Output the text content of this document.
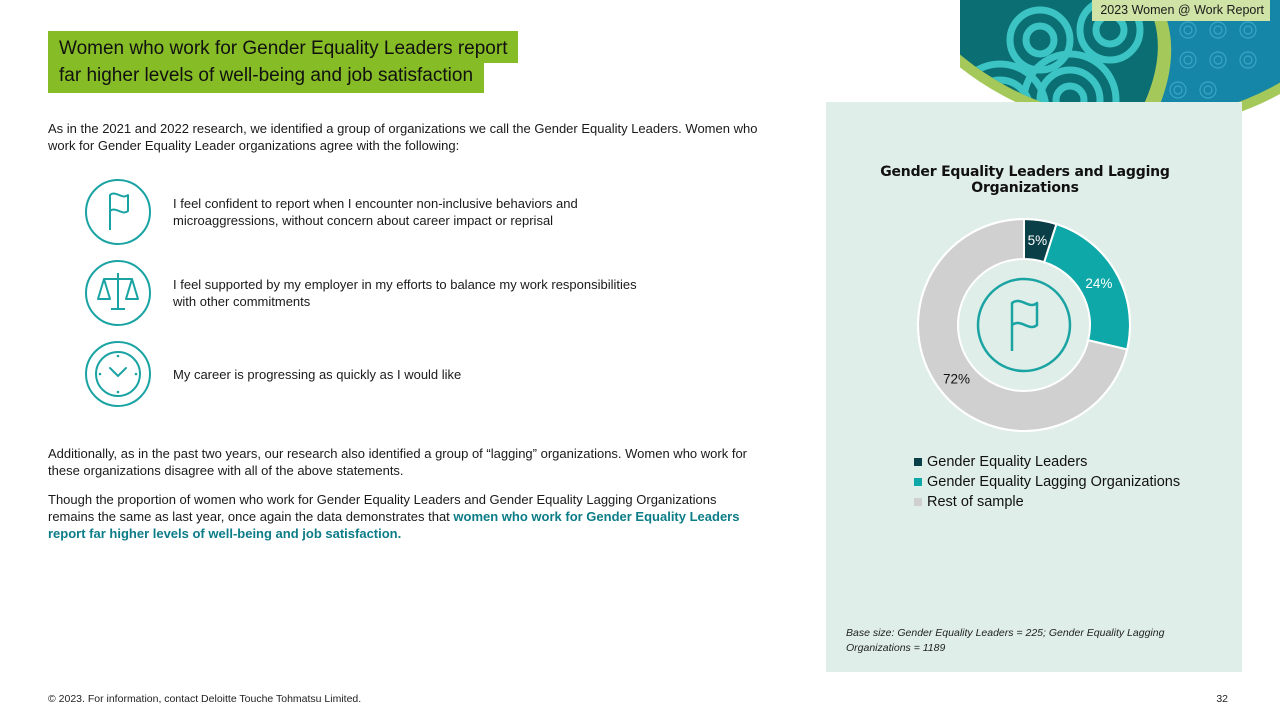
2023 Women @ Work Report
Women who work for Gender Equality Leaders report
far higher levels of well-being and job satisfaction

As in the 2021 and 2022 research, we identified a group of organizations we call the Gender Equality Leaders. Women who work for Gender Equality Leader organizations agree with the following:

I feel confident to report when I encounter non-inclusive behaviors and
microaggressions, without concern about career impact or reprisal
I feel supported by my employer in my efforts to balance my work responsibilities
with other commitments
My career is progressing as quickly as I would like

Additionally, as in the past two years, our research also identified a group of “lagging” organizations. Women who work for these organizations disagree with all of the above statements.

Though the proportion of women who work for Gender Equality Leaders and Gender Equality Lagging Organizations remains the same as last year, once again the data demonstrates that women who work for Gender Equality Leaders report far higher levels of well-being and job satisfaction.

© 2023. For information, contact Deloitte Touche Tohmatsu Limited.	32
Gender Equality Leaders and Lagging Organizations
5%
24%
72%
Gender Equality Leaders
Gender Equality Lagging Organizations
Rest of sample

Base size: Gender Equality Leaders = 225; Gender Equality Lagging
Organizations = 1189
